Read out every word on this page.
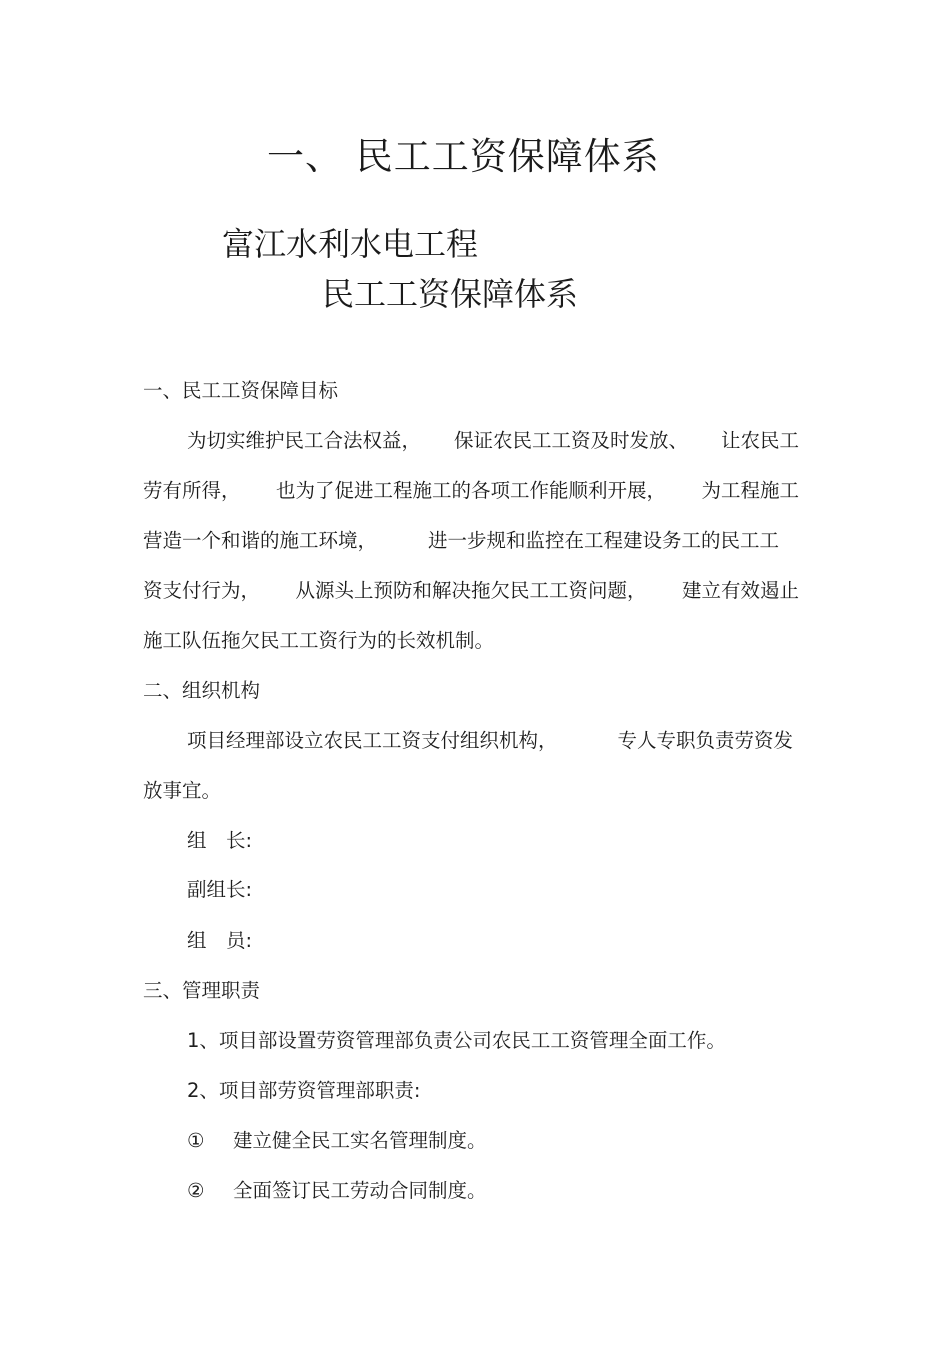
一、 民工工资保障体系
富江水利水电工程
民工工资保障体系

一、民工工资保障目标

为切实维护民工合法权益， 保证农民工工资及时发放、 让农民工
劳有所得， 也为了促进工程施工的各项工作能顺利开展， 为工程施工
营造一个和谐的施工环境，	进一步规和监控在工程建设务工的民工工
资支付行为， 从源头上预防和解决拖欠民工工资问题， 建立有效遏止

施工队伍拖欠民工工资行为的长效机制。

二、组织机构

项目经理部设立农民工工资支付组织机构，	专人专职负责劳资发

放事宜。

组　长:

副组长:

组　员:

三、管理职责

1、项目部设置劳资管理部负责公司农民工工资管理全面工作。

2、项目部劳资管理部职责:

① 建立健全民工实名管理制度。

② 全面签订民工劳动合同制度。
